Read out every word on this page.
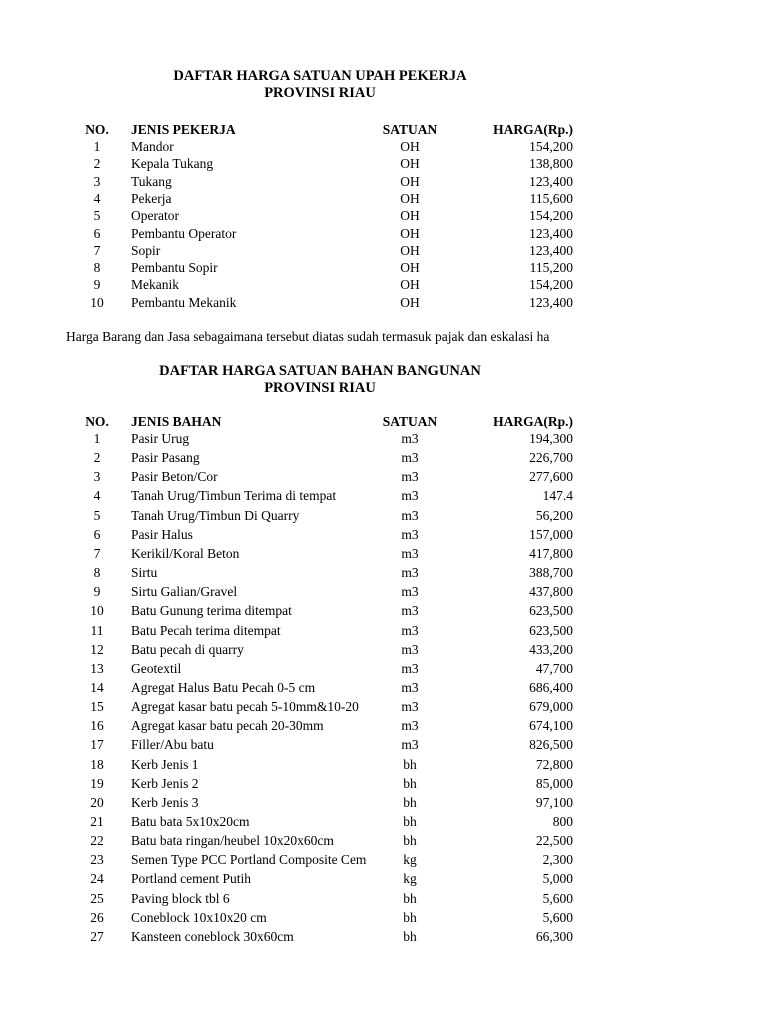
DAFTAR HARGA SATUAN UPAH PEKERJA
PROVINSI RIAU
NO.	JENIS PEKERJA	SATUAN	HARGA(Rp.)
1	Mandor	OH	154,200
2	Kepala Tukang	OH	138,800
3	Tukang	OH	123,400
4	Pekerja	OH	115,600
5	Operator	OH	154,200
6	Pembantu Operator	OH	123,400
7	Sopir	OH	123,400
8	Pembantu Sopir	OH	115,200
9	Mekanik	OH	154,200
10	Pembantu Mekanik	OH	123,400
Harga Barang dan Jasa sebagaimana tersebut diatas sudah termasuk pajak dan eskalasi ha
DAFTAR HARGA SATUAN BAHAN BANGUNAN
PROVINSI RIAU
NO.	JENIS BAHAN	SATUAN	HARGA(Rp.)
1	Pasir Urug	m3	194,300
2	Pasir Pasang	m3	226,700
3	Pasir Beton/Cor	m3	277,600
4	Tanah Urug/Timbun Terima di tempat	m3	147.4
5	Tanah Urug/Timbun Di Quarry	m3	56,200
6	Pasir Halus	m3	157,000
7	Kerikil/Koral Beton	m3	417,800
8	Sirtu	m3	388,700
9	Sirtu Galian/Gravel	m3	437,800
10	Batu Gunung terima ditempat	m3	623,500
11	Batu Pecah terima ditempat	m3	623,500
12	Batu pecah di quarry	m3	433,200
13	Geotextil	m3	47,700
14	Agregat Halus Batu Pecah 0-5 cm	m3	686,400
15	Agregat kasar batu pecah 5-10mm&10-20	m3	679,000
16	Agregat kasar batu pecah 20-30mm	m3	674,100
17	Filler/Abu batu	m3	826,500
18	Kerb Jenis 1	bh	72,800
19	Kerb Jenis 2	bh	85,000
20	Kerb Jenis 3	bh	97,100
21	Batu bata 5x10x20cm	bh	800
22	Batu bata ringan/heubel 10x20x60cm	bh	22,500
23	Semen Type PCC Portland Composite Cem	kg	2,300
24	Portland cement Putih	kg	5,000
25	Paving block tbl 6	bh	5,600
26	Coneblock 10x10x20 cm	bh	5,600
27	Kansteen coneblock 30x60cm	bh	66,300
